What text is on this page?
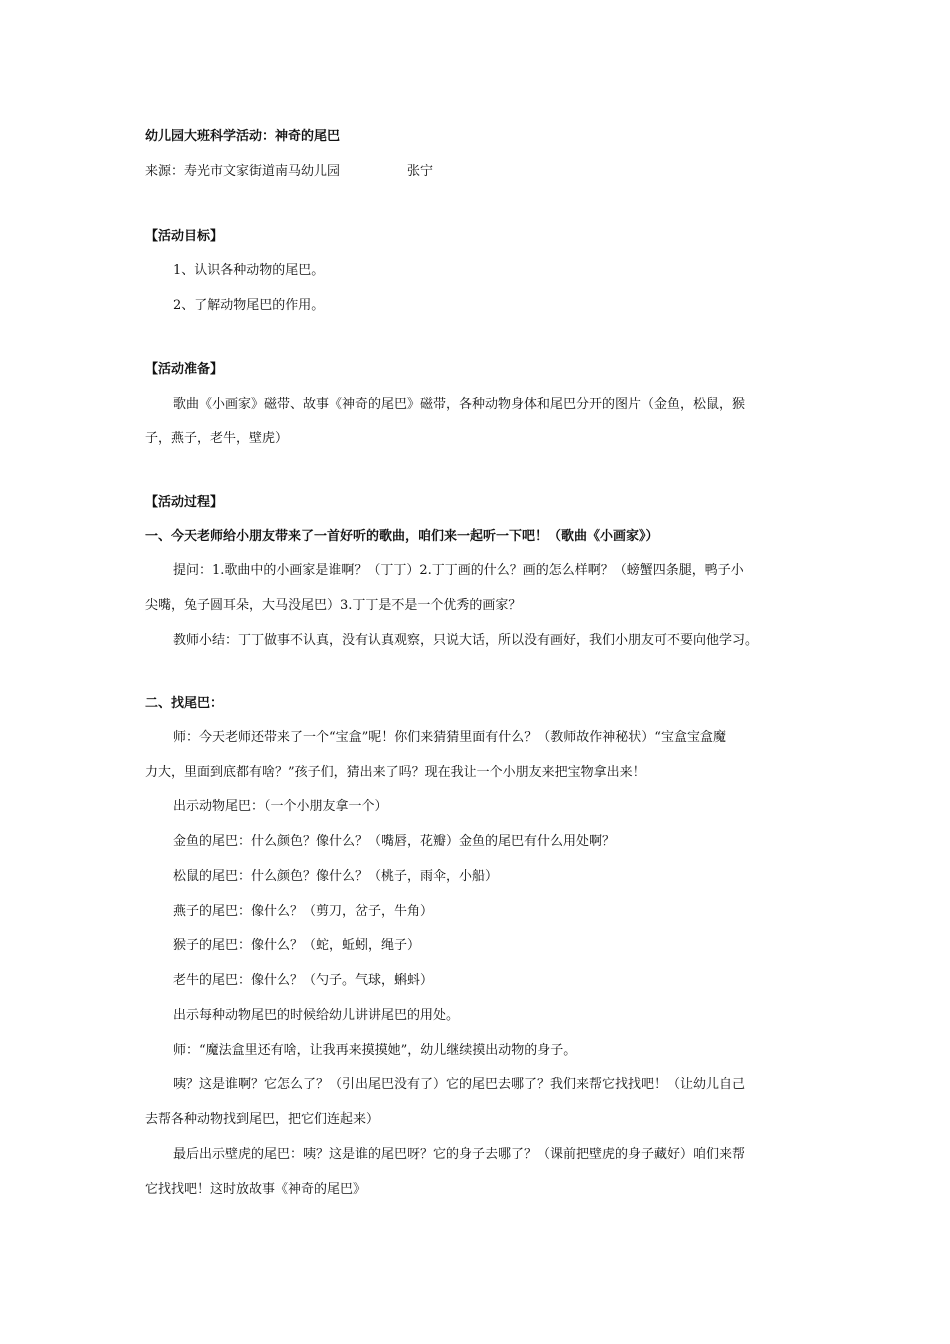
幼儿园大班科学活动：神奇的尾巴
来源：寿光市文家街道南马幼儿园	张宁
【活动目标】
1、认识各种动物的尾巴。
2、了解动物尾巴的作用。
【活动准备】
歌曲《小画家》磁带、故事《神奇的尾巴》磁带，各种动物身体和尾巴分开的图片（金鱼，松鼠，猴
子，燕子，老牛，壁虎）
【活动过程】
一、今天老师给小朋友带来了一首好听的歌曲，咱们来一起听一下吧！（歌曲《小画家》）
提问：1.歌曲中的小画家是谁啊？（丁丁）2.丁丁画的什么？画的怎么样啊？（螃蟹四条腿，鸭子小
尖嘴，兔子圆耳朵，大马没尾巴）3.丁丁是不是一个优秀的画家？
教师小结：丁丁做事不认真，没有认真观察，只说大话，所以没有画好，我们小朋友可不要向他学习。
二、找尾巴：
师：今天老师还带来了一个“宝盒”呢！你们来猜猜里面有什么？（教师故作神秘状）“宝盒宝盒魔
力大，里面到底都有啥？”孩子们，猜出来了吗？现在我让一个小朋友来把宝物拿出来！
出示动物尾巴：（一个小朋友拿一个）
金鱼的尾巴：什么颜色？像什么？（嘴唇，花瓣）金鱼的尾巴有什么用处啊？
松鼠的尾巴：什么颜色？像什么？（桃子，雨伞，小船）
燕子的尾巴：像什么？（剪刀，岔子，牛角）
猴子的尾巴：像什么？（蛇，蚯蚓，绳子）
老牛的尾巴：像什么？（勺子。气球，蝌蚪）
出示每种动物尾巴的时候给幼儿讲讲尾巴的用处。
师：“魔法盒里还有啥，让我再来摸摸她”，幼儿继续摸出动物的身子。
咦？这是谁啊？它怎么了？（引出尾巴没有了）它的尾巴去哪了？我们来帮它找找吧！（让幼儿自己
去帮各种动物找到尾巴，把它们连起来）
最后出示壁虎的尾巴：咦？这是谁的尾巴呀？它的身子去哪了？（课前把壁虎的身子藏好）咱们来帮
它找找吧！这时放故事《神奇的尾巴》
